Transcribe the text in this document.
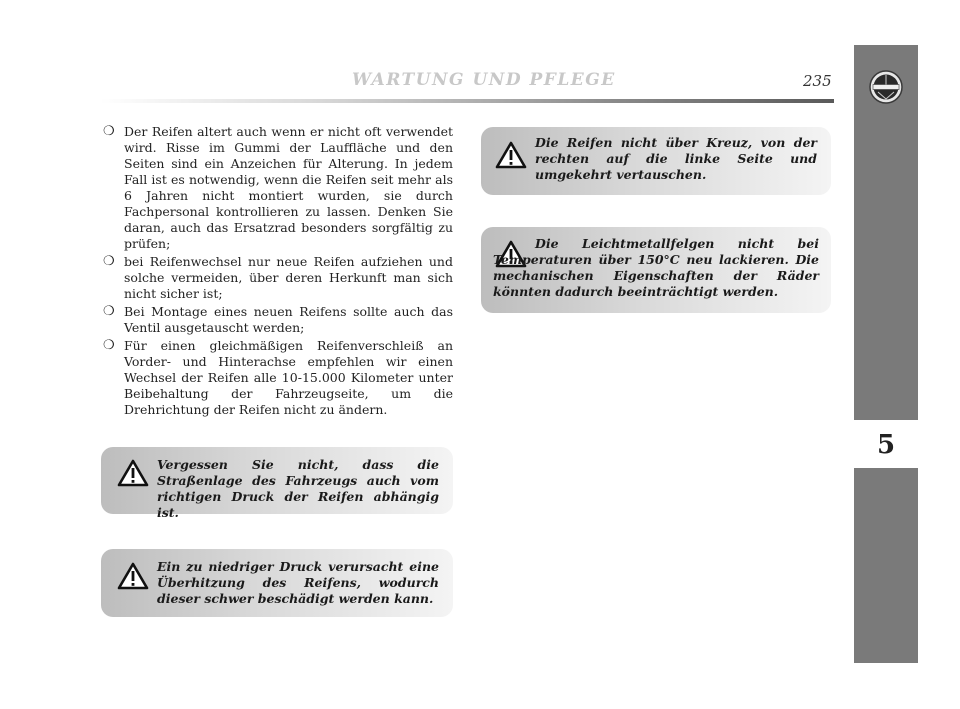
WARTUNG UND PFLEGE	235
5
❍ Der Reifen altert auch wenn er nicht oft verwendet wird. Risse im Gummi der Lauffläche und den Seiten sind ein Anzeichen für Alterung. In jedem Fall ist es notwendig, wenn die Reifen seit mehr als 6 Jahren nicht montiert wurden, sie durch Fachpersonal kontrollieren zu lassen. Denken Sie daran, auch das Ersatzrad besonders sorgfältig zu prüfen;
❍ bei Reifenwechsel nur neue Reifen aufziehen und solche vermeiden, über deren Herkunft man sich nicht sicher ist;
❍ Bei Montage eines neuen Reifens sollte auch das Ventil ausgetauscht werden;
❍ Für einen gleichmäßigen Reifenverschleiß an Vorder- und Hinterachse empfehlen wir einen Wechsel der Reifen alle 10-15.000 Kilometer unter Beibehaltung der Fahrzeugseite, um die Drehrichtung der Reifen nicht zu ändern.
Vergessen Sie nicht, dass die Straßenlage des Fahrzeugs auch vom richtigen Druck der Reifen abhängig ist.
Ein zu niedriger Druck verursacht eine Überhitzung des Reifens, wodurch dieser schwer beschädigt werden kann.
Die Reifen nicht über Kreuz, von der rechten auf die linke Seite und umgekehrt vertauschen.
Die Leichtmetallfelgen nicht bei Temperaturen über 150°C neu lackieren. Die mechanischen Eigenschaften der Räder könnten dadurch beeinträchtigt werden.
